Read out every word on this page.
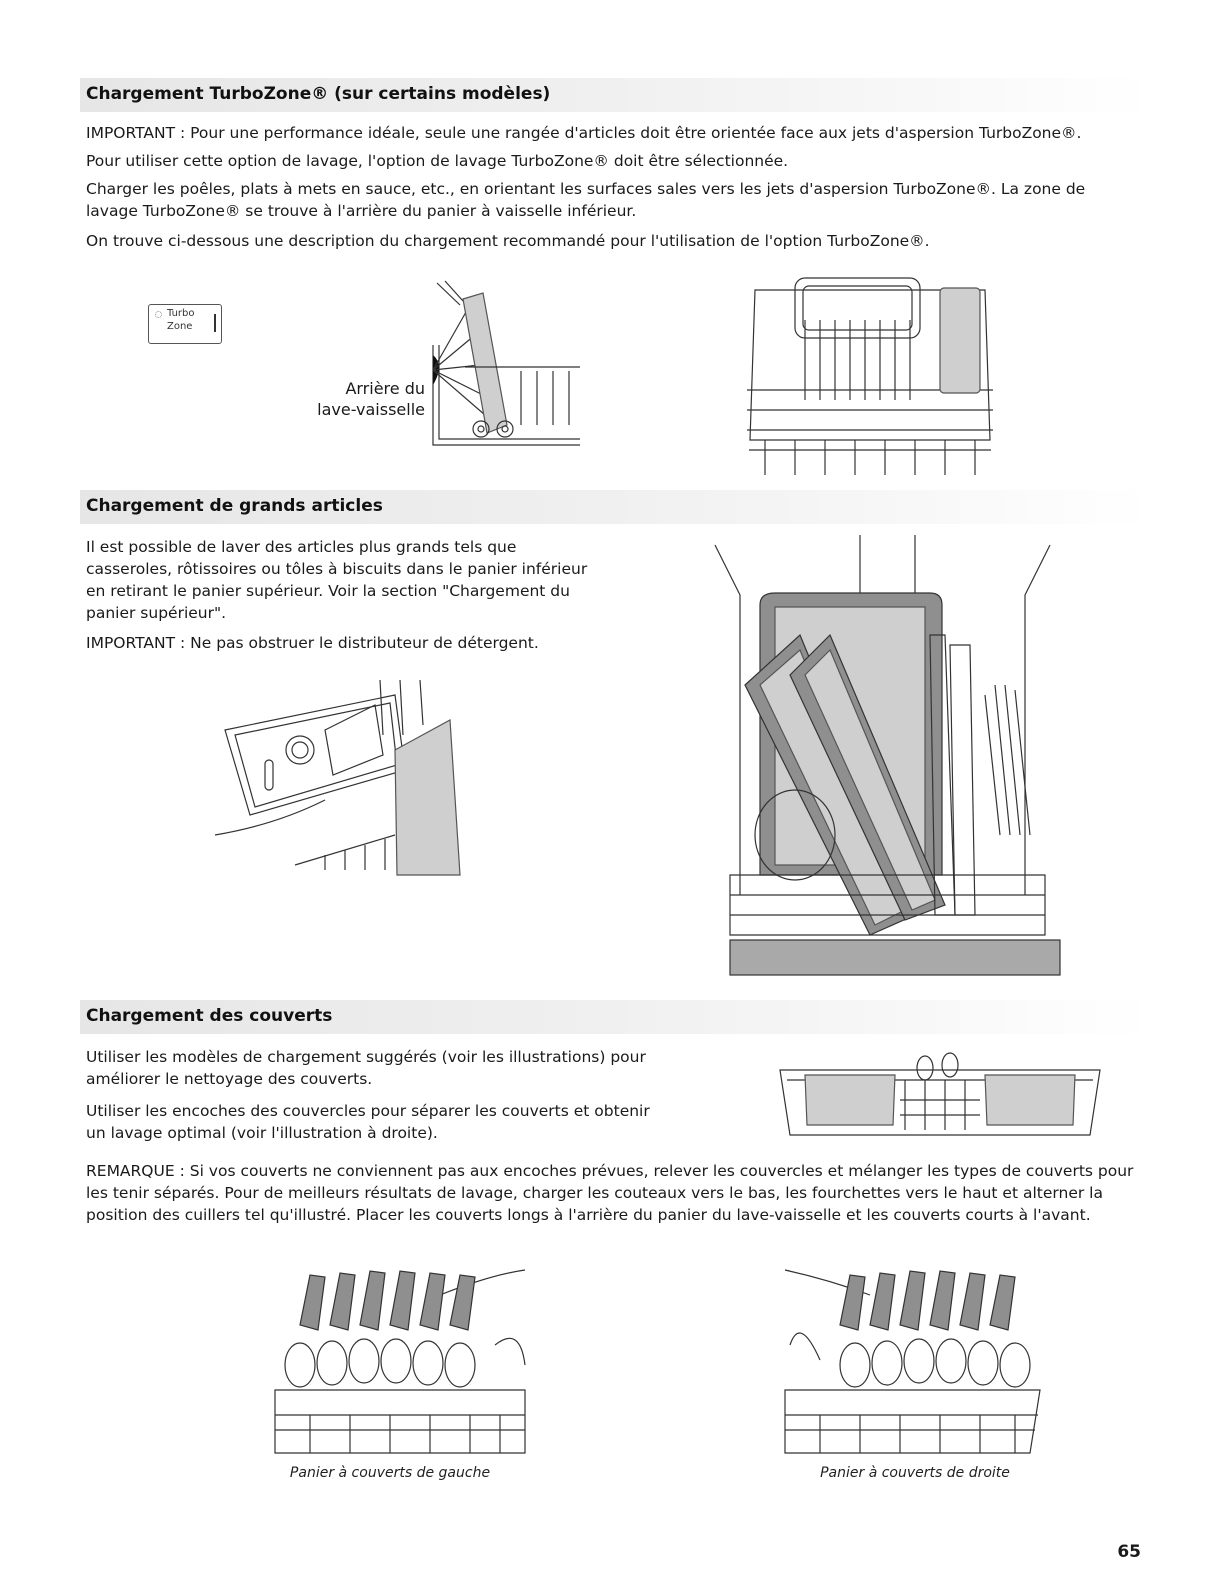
Chargement TurboZone® (sur certains modèles)

IMPORTANT : Pour une performance idéale, seule une rangée d'articles doit être orientée face aux jets d'aspersion TurboZone®.

Pour utiliser cette option de lavage, l'option de lavage TurboZone® doit être sélectionnée.

Charger les poêles, plats à mets en sauce, etc., en orientant les surfaces sales vers les jets d'aspersion TurboZone®. La zone de lavage TurboZone® se trouve à l'arrière du panier à vaisselle inférieur.

On trouve ci-dessous une description du chargement recommandé pour l'utilisation de l'option TurboZone®.

Turbo
Zone
Arrière du
lave-vaisselle
Chargement de grands articles

Il est possible de laver des articles plus grands tels que casseroles, rôtissoires ou tôles à biscuits dans le panier inférieur en retirant le panier supérieur. Voir la section "Chargement du panier supérieur".

IMPORTANT : Ne pas obstruer le distributeur de détergent.

Chargement des couverts

Utiliser les modèles de chargement suggérés (voir les illustrations) pour améliorer le nettoyage des couverts.

Utiliser les encoches des couvercles pour séparer les couverts et obtenir un lavage optimal (voir l'illustration à droite).

REMARQUE : Si vos couverts ne conviennent pas aux encoches prévues, relever les couvercles et mélanger les types de couverts pour les tenir séparés. Pour de meilleurs résultats de lavage, charger les couteaux vers le bas, les fourchettes vers le haut et alterner la position des cuillers tel qu'illustré. Placer les couverts longs à l'arrière du panier du lave-vaisselle et les couverts courts à l'avant.

Panier à couverts de gauche	Panier à couverts de droite
65
